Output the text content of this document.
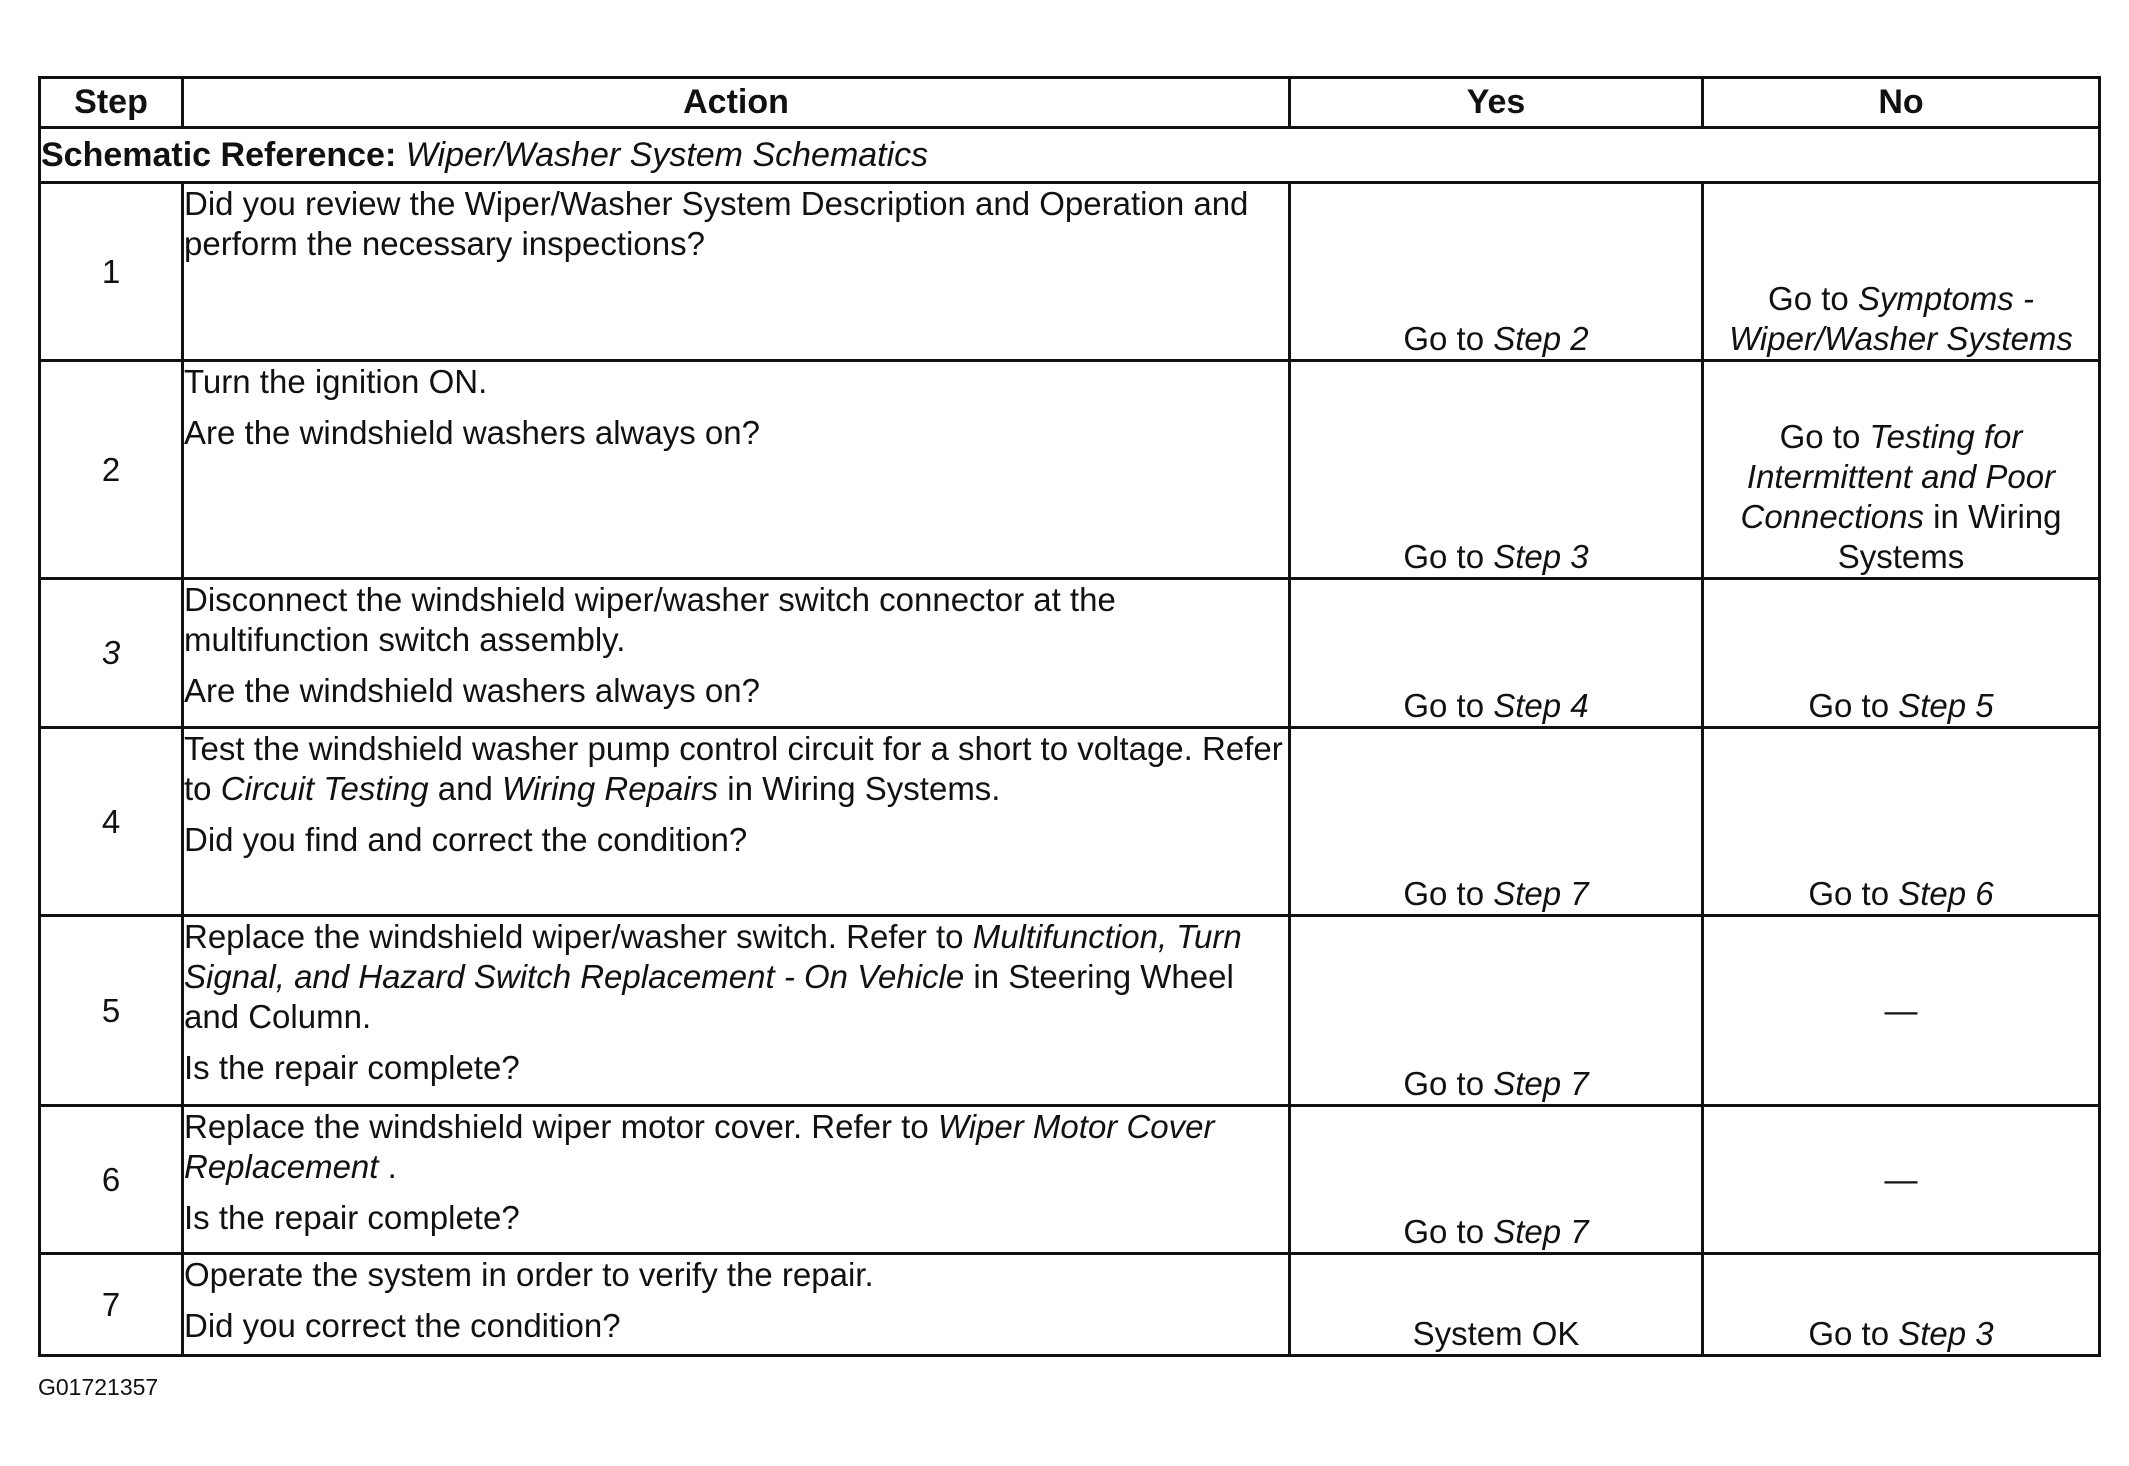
Step	Action	Yes	No
Schematic Reference: Wiper/Washer System Schematics			
1	Did you review the Wiper/Washer System Description and Operation and perform the necessary inspections?	Go to Step 2	Go to Symptoms - Wiper/Washer Systems
2	Turn the ignition ON.

Are the windshield washers always on?	Go to Step 3	Go to Testing for Intermittent and Poor Connections in Wiring Systems
3	Disconnect the windshield wiper/washer switch connector at the multifunction switch assembly.

Are the windshield washers always on?	Go to Step 4	Go to Step 5
4	Test the windshield washer pump control circuit for a short to voltage. Refer to Circuit Testing and Wiring Repairs in Wiring Systems.

Did you find and correct the condition?	Go to Step 7	Go to Step 6
5	Replace the windshield wiper/washer switch. Refer to Multifunction, Turn Signal, and Hazard Switch Replacement - On Vehicle in Steering Wheel and Column.

Is the repair complete?	Go to Step 7	—
6	Replace the windshield wiper motor cover. Refer to Wiper Motor Cover Replacement .

Is the repair complete?	Go to Step 7	—
7	Operate the system in order to verify the repair.

Did you correct the condition?	System OK	Go to Step 3
G01721357
